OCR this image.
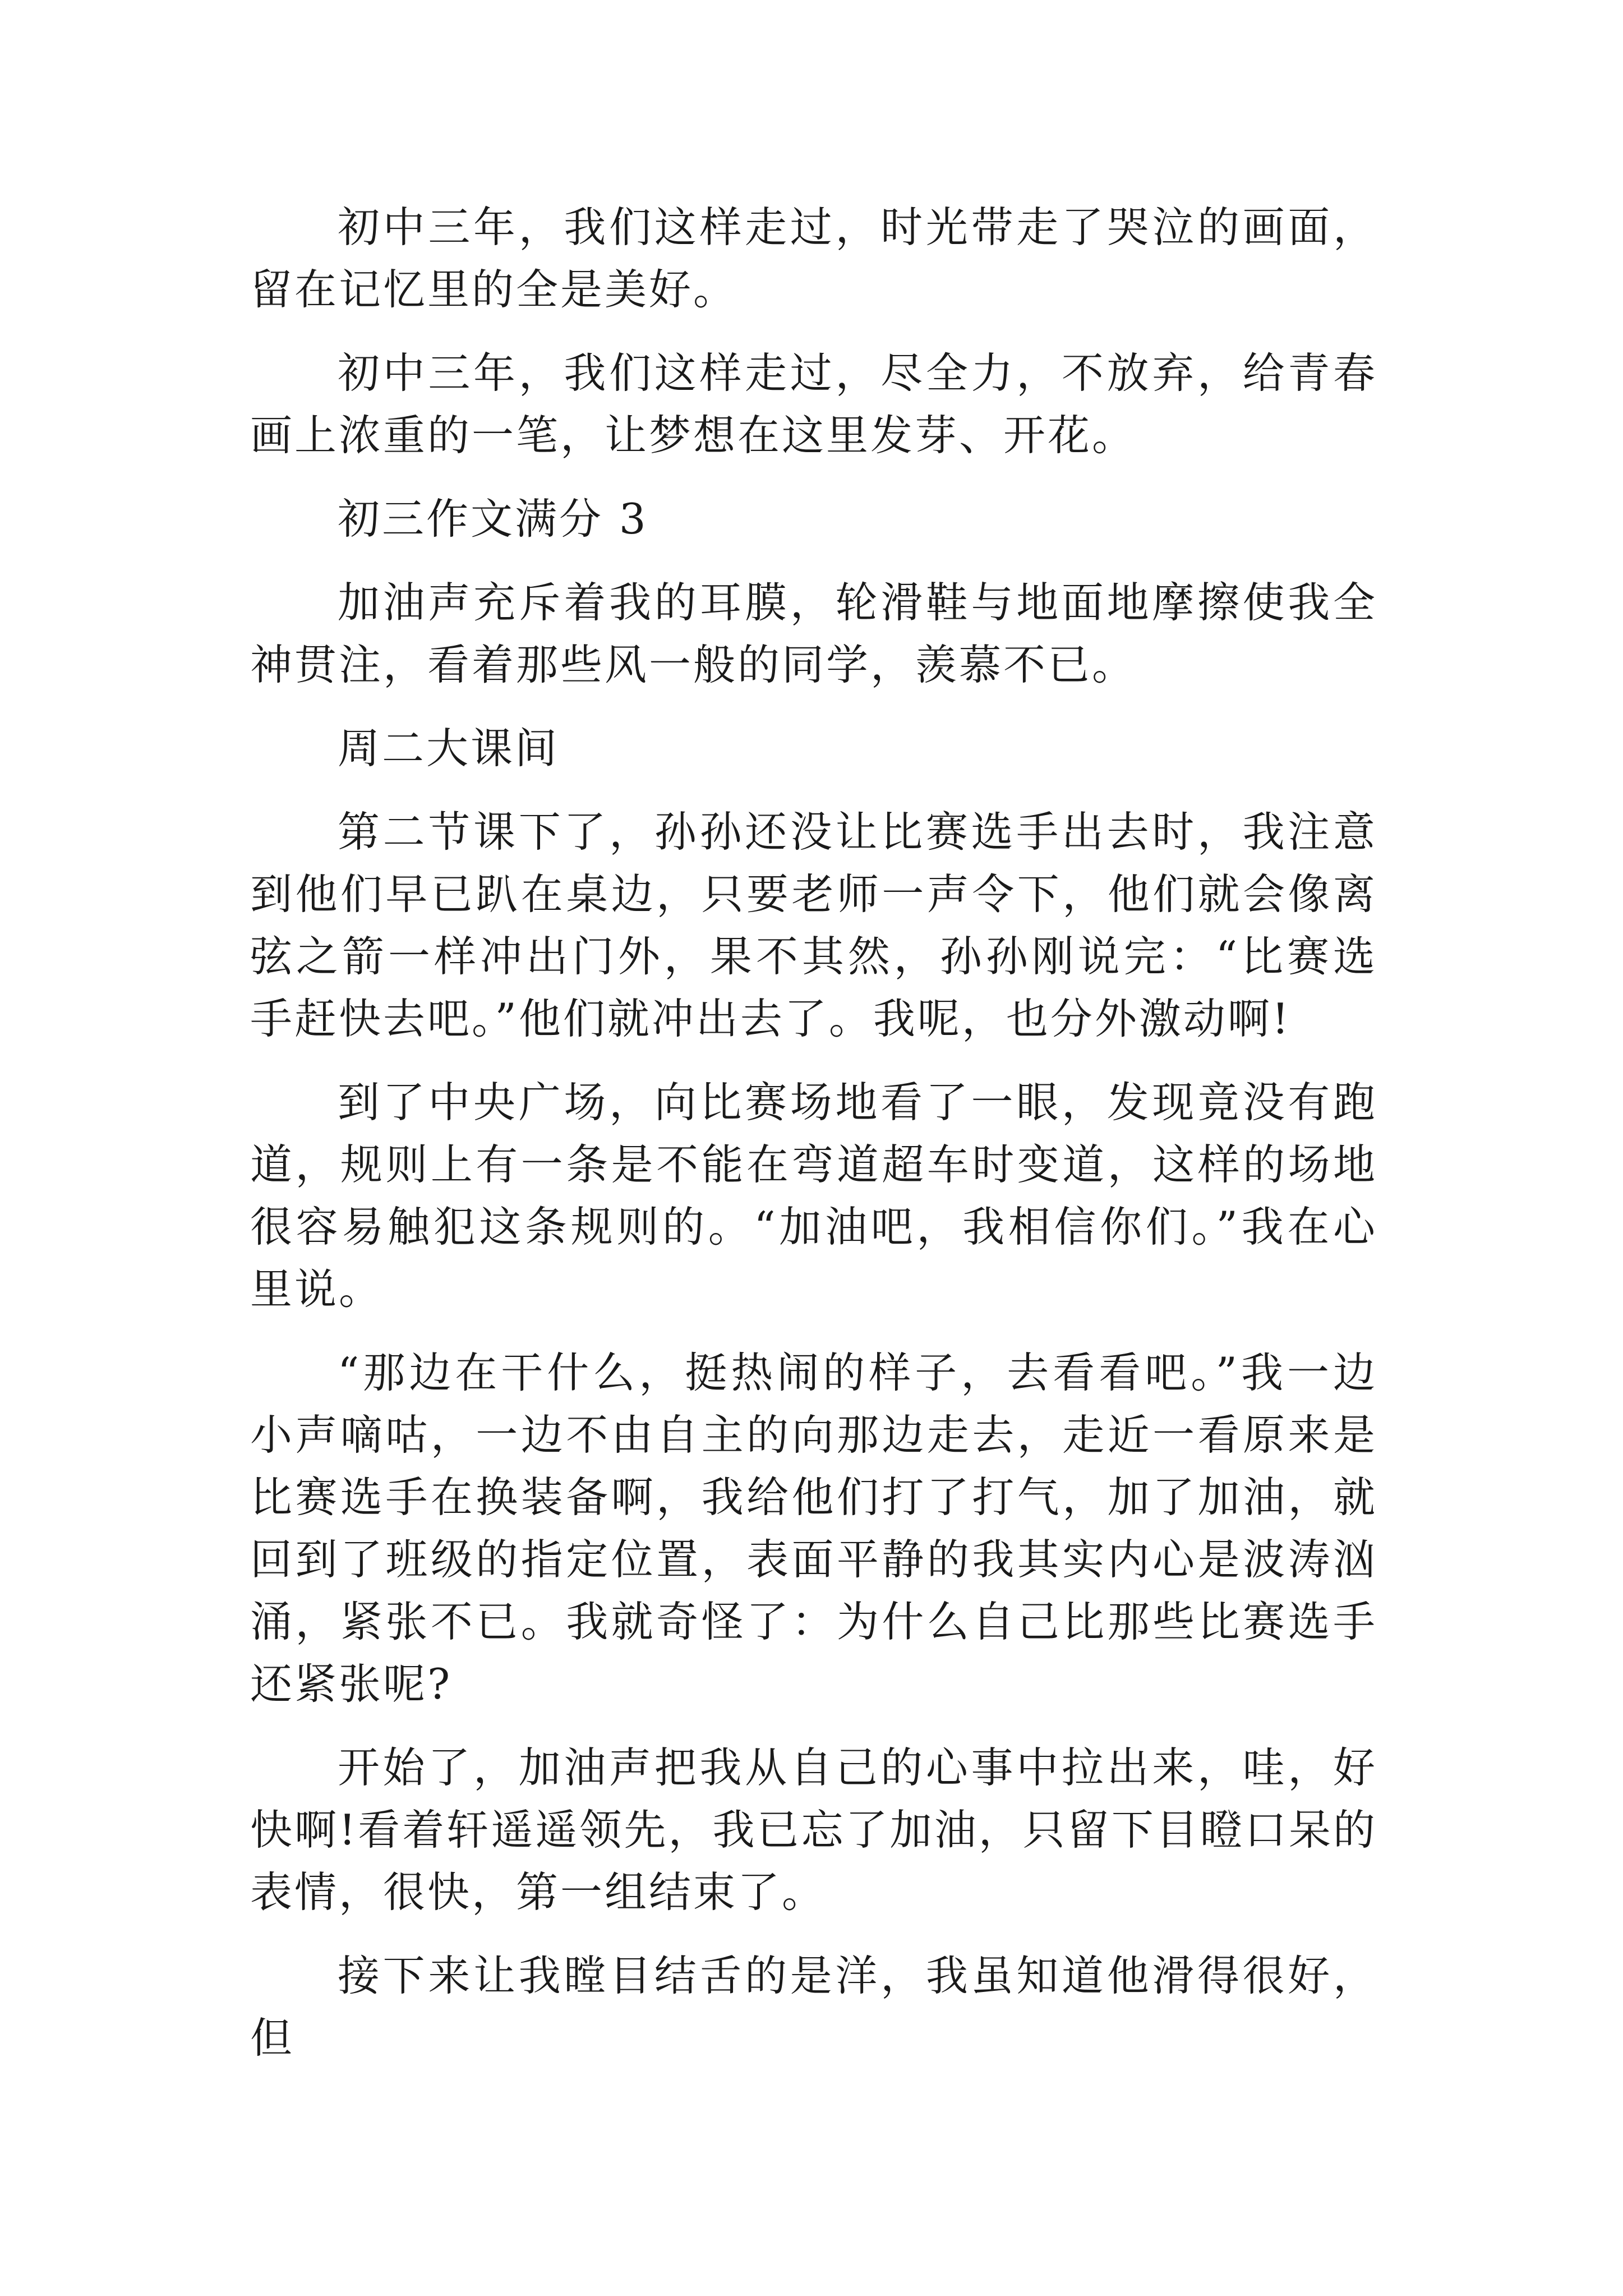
初中三年，我们这样走过，时光带走了哭泣的画面，留在记忆里的全是美好。

初中三年，我们这样走过，尽全力，不放弃，给青春画上浓重的一笔，让梦想在这里发芽、开花。

初三作文满分 3

加油声充斥着我的耳膜，轮滑鞋与地面地摩擦使我全神贯注，看着那些风一般的同学，羡慕不已。

周二大课间

第二节课下了，孙孙还没让比赛选手出去时，我注意到他们早已趴在桌边，只要老师一声令下，他们就会像离弦之箭一样冲出门外，果不其然，孙孙刚说完：“比赛选手赶快去吧。”他们就冲出去了。我呢，也分外激动啊!

到了中央广场，向比赛场地看了一眼，发现竟没有跑道，规则上有一条是不能在弯道超车时变道，这样的场地很容易触犯这条规则的。“加油吧，我相信你们。”我在心里说。

“那边在干什么，挺热闹的样子，去看看吧。”我一边小声嘀咕，一边不由自主的向那边走去，走近一看原来是比赛选手在换装备啊，我给他们打了打气，加了加油，就回到了班级的指定位置，表面平静的我其实内心是波涛汹涌，紧张不已。我就奇怪了：为什么自己比那些比赛选手还紧张呢?

开始了，加油声把我从自己的心事中拉出来，哇，好快啊!看着轩遥遥领先，我已忘了加油，只留下目瞪口呆的表情，很快，第一组结束了。

接下来让我瞠目结舌的是洋，我虽知道他滑得很好，但
